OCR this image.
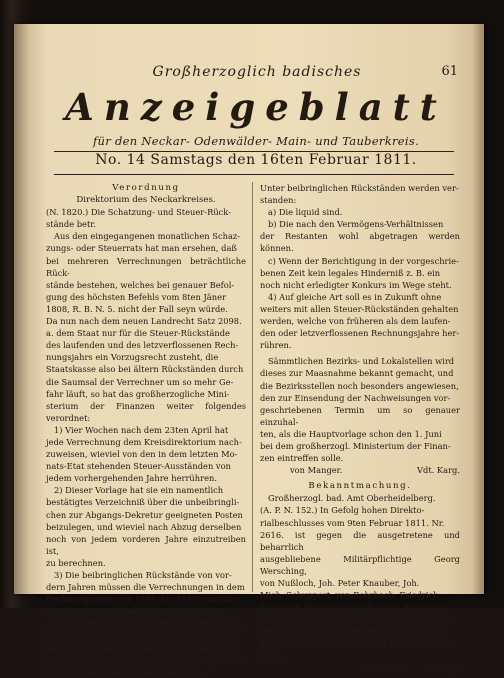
Großherzoglich badisches	61
Anzeigeblatt
für den Neckar- Odenwälder- Main- und Tauberkreis.
No. 14 Samstags den 16ten Februar 1811.

Verordnung

Direktorium des Neckarkreises.

(N. 1820.) Die Schatzung- und Steuer-Rück-

stände betr.

Aus den eingegangenen monatlichen Schaz-

zungs- oder Steuerrats hat man ersehen, daß

bei mehreren Verrechnungen beträchtliche Rück-

stände bestehen, welches bei genauer Befol-

gung des höchsten Befehls vom 8ten Jäner

1808, R. B. N. 5. nicht der Fall seyn würde.

Da nun nach dem neuen Landrecht Satz 2098.

a. dem Staat nur für die Steuer-Rückstände

des laufenden und des letzverflossenen Rech-

nungsjahrs ein Vorzugsrecht zusteht, die

Staatskasse also bei ältern Rückständen durch

die Saumsal der Verrechner um so mehr Ge-

fahr läuft, so hat das großherzogliche Mini-

sterium der Finanzen weiter folgendes verordnet:

1) Vier Wochen nach dem 23ten April hat

jede Verrechnung dem Kreisdirektorium nach-

zuweisen, wieviel von den in dem letzten Mo-

nats-Etat stehenden Steuer-Ausständen von

jedem vorhergehenden Jahre herrühren.

2) Dieser Vorlage hat sie ein namentlich

bestätigtes Verzeichniß über die unbeibringli-

chen zur Abgangs-Dekretur geeigneten Posten

beizulegen, und wieviel nach Abzug derselben

noch von jedem vorderen Jahre einzutreiben ist,

zu berechnen.

3) Die beibringlichen Rückstände von vor-

dern Jahren müssen die Verrechnungen in dem

Rechnungsjahre von 1811. bis 1812. vollstän-

dig einziehen, was nach dem 23ten April

1812. außer den Rückständen vom Jahre 1811.

herrührend, zurück steht, und nicht während

des Jahrs zur Abgangsdekretur reif war, wird

dem Verrechner in wirkliche Einnahm gestellt,

und zum Selbstbezug heimgewiesen.

Unter beibringlichen Rückständen werden ver-

standen:

a) Die liquid sind.

b) Die nach den Vermögens-Verhältnissen

der Restanten wohl abgetragen werden können.

c) Wenn der Berichtigung in der vorgeschrie-

benen Zeit kein legales Hinderniß z. B. ein

noch nicht erledigter Konkurs im Wege steht.

4) Auf gleiche Art soll es in Zukunft ohne

weiters mit allen Steuer-Rückständen gehalten

werden, welche von früheren als dem laufen-

den oder letzverflossenen Rechnungsjahre her-

rühren.

Sämmtlichen Bezirks- und Lokalstellen wird

dieses zur Maasnahme bekannt gemacht, und

die Bezirksstellen noch besonders angewiesen,

den zur Einsendung der Nachweisungen vor-

geschriebenen Termin um so genauer einzuhal-

ten, als die Hauptvorlage schon den 1. Juni

bei dem großherzogl. Ministerium der Finan-

zen eintreffen solle.

von Manger.	Vdt. Karg.

Bekanntmachung.

Großherzogl. bad. Amt Oberheidelberg.

(A. P. N. 152.) In Gefolg hohen Direkto-

rialbeschlusses vom 9ten Februar 1811. Nr.

2616. ist gegen die ausgetretene und beharrlich

ausgebliebene Militärpflichtige Georg Wersching,

von Nußloch, Joh. Peter Knauber, Joh.

Mich. Schuppert, von Rohrbach; Friedrich

Seitz, von Wieblingen, und Xaver Haas, von

St. Ilgen, die Strafe des Unterthanen-Rechts-

Verlustes und der Vermögensconfiskation er-

kannt worden, Heidelberg am 12ten Februar

1811.

Steinwarz.	Dümge.
